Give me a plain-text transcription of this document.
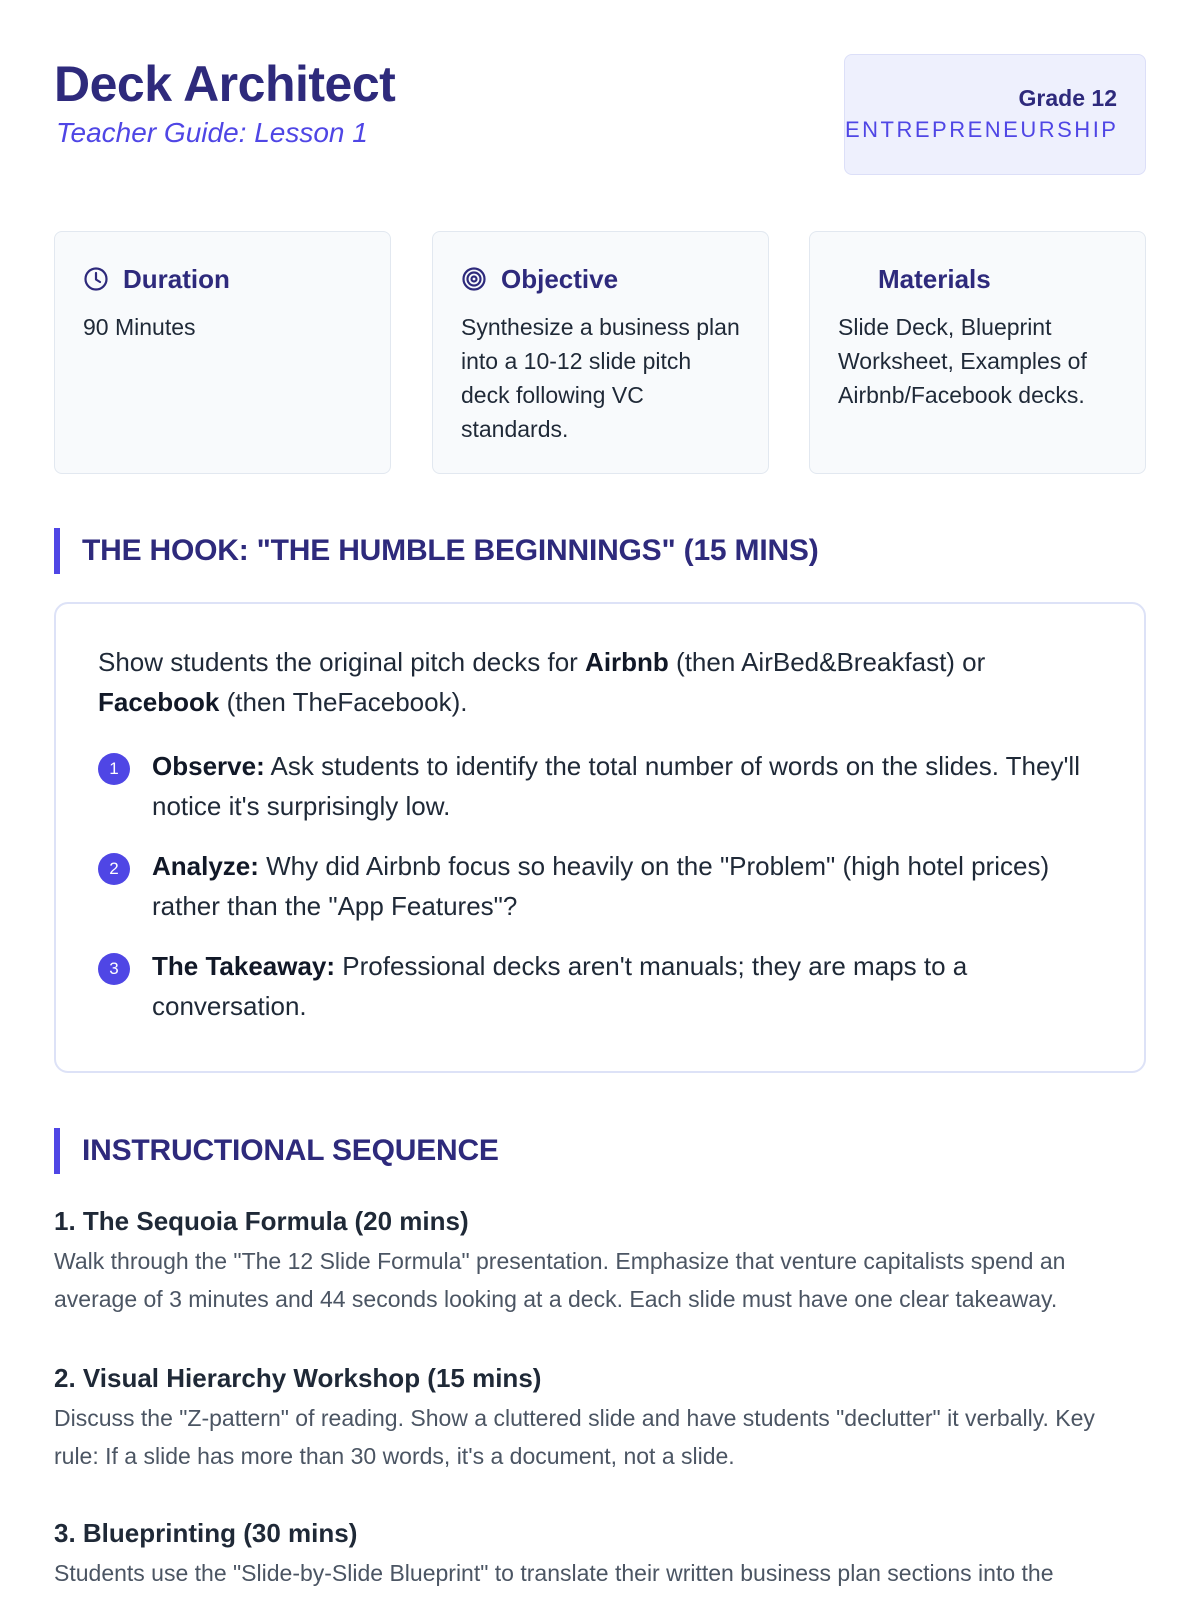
Deck Architect
Teacher Guide: Lesson 1
Grade 12
ENTREPRENEURSHIP
Duration
90 Minutes
Objective
Synthesize a business plan into a 10-12 slide pitch deck following VC standards.
Materials
Slide Deck, Blueprint Worksheet, Examples of Airbnb/Facebook decks.
THE HOOK: "THE HUMBLE BEGINNINGS" (15 MINS)

Show students the original pitch decks for Airbnb (then AirBed&Breakfast) or
Facebook (then TheFacebook).

1	Observe: Ask students to identify the total number of words on the slides. They'll notice it's surprisingly low.
2	Analyze: Why did Airbnb focus so heavily on the "Problem" (high hotel prices) rather than the "App Features"?
3	The Takeaway: Professional decks aren't manuals; they are maps to a conversation.
INSTRUCTIONAL SEQUENCE
1. The Sequoia Formula (20 mins)

Walk through the "The 12 Slide Formula" presentation. Emphasize that venture capitalists spend an average of 3 minutes and 44 seconds looking at a deck. Each slide must have one clear takeaway.

2. Visual Hierarchy Workshop (15 mins)

Discuss the "Z-pattern" of reading. Show a cluttered slide and have students "declutter" it verbally. Key rule: If a slide has more than 30 words, it's a document, not a slide.

3. Blueprinting (30 mins)

Students use the "Slide-by-Slide Blueprint" to translate their written business plan sections into the
